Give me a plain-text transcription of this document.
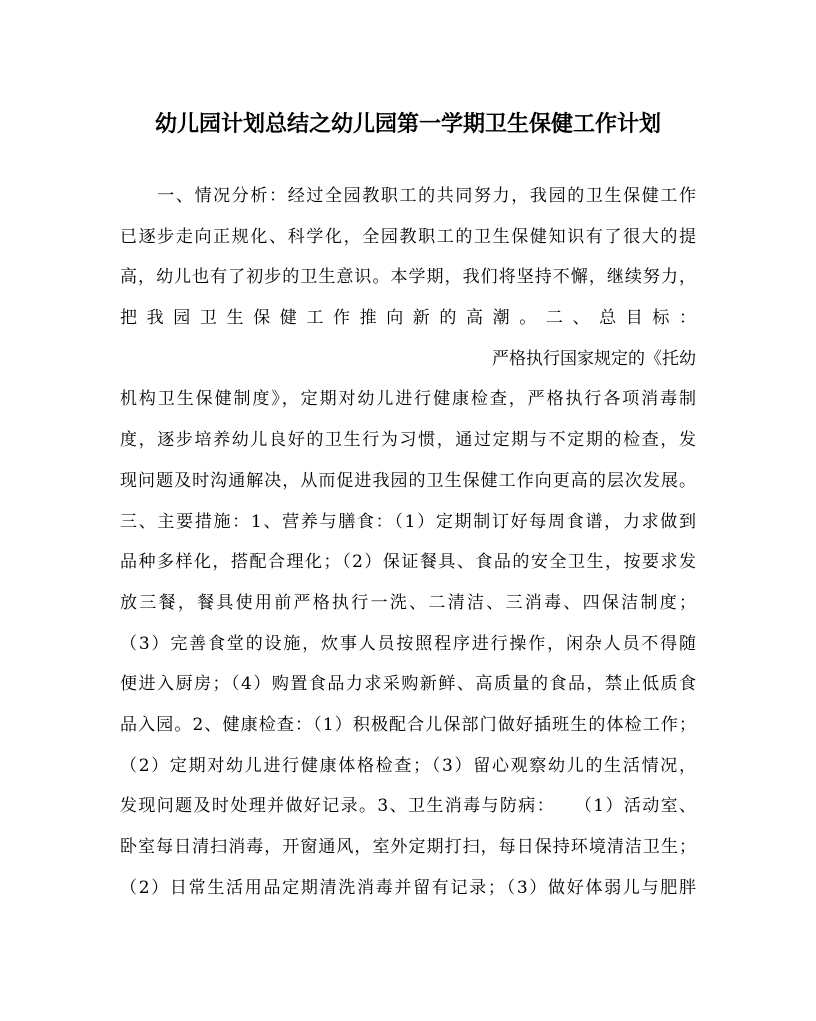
幼儿园计划总结之幼儿园第一学期卫生保健工作计划
　　一、情况分析：经过全园教职工的共同努力，我园的卫生保健工作
已逐步走向正规化、科学化，全园教职工的卫生保健知识有了很大的提
高，幼儿也有了初步的卫生意识。本学期，我们将坚持不懈，继续努力，
把 我 园 卫 生 保 健 工 作 推 向 新 的 高 潮 。 二 、 总 目 标 ：
严格执行国家规定的《托幼
机构卫生保健制度》，定期对幼儿进行健康检查，严格执行各项消毒制
度，逐步培养幼儿良好的卫生行为习惯，通过定期与不定期的检查，发
现问题及时沟通解决，从而促进我园的卫生保健工作向更高的层次发展。
三、主要措施：1、营养与膳食：（1）定期制订好每周食谱，力求做到
品种多样化，搭配合理化；（2）保证餐具、食品的安全卫生，按要求发
放三餐，餐具使用前严格执行一洗、二清洁、三消毒、四保洁制度；
（3）完善食堂的设施，炊事人员按照程序进行操作，闲杂人员不得随
便进入厨房；（4）购置食品力求采购新鲜、高质量的食品，禁止低质食
品入园。2、健康检查：（1）积极配合儿保部门做好插班生的体检工作；
（2）定期对幼儿进行健康体格检查；（3）留心观察幼儿的生活情况，
发现问题及时处理并做好记录。3、卫生消毒与防病：　　（1）活动室、
卧室每日清扫消毒，开窗通风，室外定期打扫，每日保持环境清洁卫生；
（2）日常生活用品定期清洗消毒并留有记录；（3）做好体弱儿与肥胖
